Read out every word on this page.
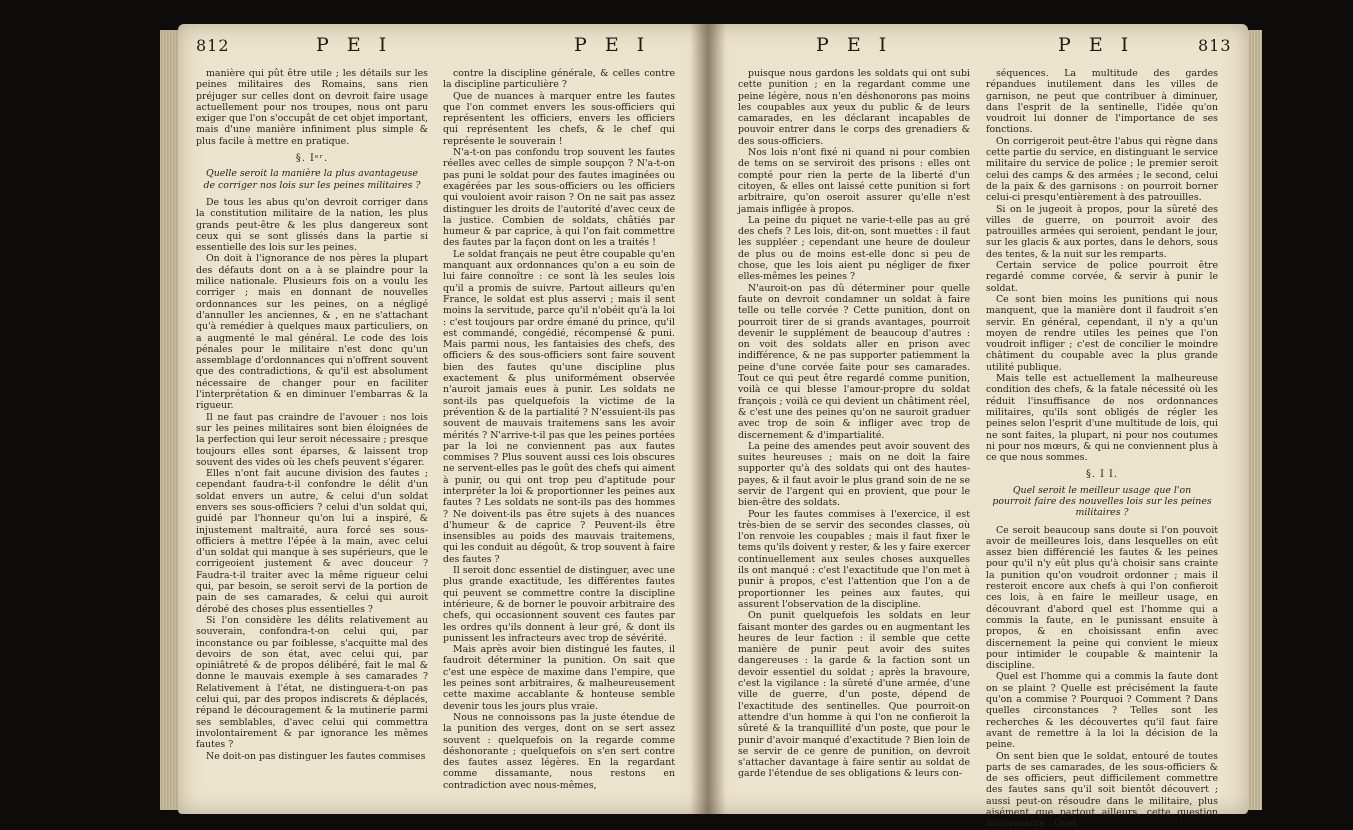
812	P E I	P E I

manière qui pût être utile ; les détails sur les peines militaires des Romains, sans rien préjuger sur celles dont on devroit faire usage actuellement pour nos troupes, nous ont paru exiger que l'on s'occupât de cet objet important, mais d'une manière infiniment plus simple & plus facile à mettre en pratique.

§. Iᵉʳ.

Quelle seroit la manière la plus avantageuse de corriger nos lois sur les peines militaires ?

De tous les abus qu'on devroit corriger dans la constitution militaire de la nation, les plus grands peut-être & les plus dangereux sont ceux qui se sont glissés dans la partie si essentielle des lois sur les peines.

On doit à l'ignorance de nos pères la plupart des défauts dont on a à se plaindre pour la milice nationale. Plusieurs fois on a voulu les corriger ; mais en donnant de nouvelles ordonnances sur les peines, on a négligé d'annuller les anciennes, & , en ne s'attachant qu'à remédier à quelques maux particuliers, on a augmenté le mal général. Le code des lois pénales pour le militaire n'est donc qu'un assemblage d'ordonnances qui n'offrent souvent que des contradictions, & qu'il est absolument nécessaire de changer pour en faciliter l'interprétation & en diminuer l'embarras & la rigueur.

Il ne faut pas craindre de l'avouer : nos lois sur les peines militaires sont bien éloignées de la perfection qui leur seroit nécessaire ; presque toujours elles sont éparses, & laissent trop souvent des vides où les chefs peuvent s'égarer.

Elles n'ont fait aucune division des fautes ; cependant faudra-t-il confondre le délit d'un soldat envers un autre, & celui d'un soldat envers ses sous-officiers ? celui d'un soldat qui, guidé par l'honneur qu'on lui a inspiré, & injustement maltraité, aura forcé ses sous-officiers à mettre l'épée à la main, avec celui d'un soldat qui manque à ses supérieurs, que le corrigeoient justement & avec douceur ? Faudra-t-il traiter avec la même rigueur celui qui, par besoin, se seroit servi de la portion de pain de ses camarades, & celui qui auroit dérobé des choses plus essentielles ?

Si l'on considère les délits relativement au souverain, confondra-t-on celui qui, par inconstance ou par foiblesse, s'acquitte mal des devoirs de son état, avec celui qui, par opiniâtreté & de propos délibéré, fait le mal & donne le mauvais exemple à ses camarades ? Relativement à l'état, ne distinguera-t-on pas celui qui, par des propos indiscrets & déplacés, répand le découragement & la mutinerie parmi ses semblables, d'avec celui qui commettra involontairement & par ignorance les mêmes fautes ?

Ne doit-on pas distinguer les fautes commises

contre la discipline générale, & celles contre la discipline particulière ?

Que de nuances à marquer entre les fautes que l'on commet envers les sous-officiers qui représentent les officiers, envers les officiers qui représentent les chefs, & le chef qui représente le souverain !

N'a-t-on pas confondu trop souvent les fautes réelles avec celles de simple soupçon ? N'a-t-on pas puni le soldat pour des fautes imaginées ou exagérées par les sous-officiers ou les officiers qui vouloient avoir raison ? On ne sait pas assez distinguer les droits de l'autorité d'avec ceux de la justice. Combien de soldats, châtiés par humeur & par caprice, à qui l'on fait commettre des fautes par la façon dont on les a traités !

Le soldat français ne peut être coupable qu'en manquant aux ordonnances qu'on a eu soin de lui faire connoître : ce sont là les seules lois qu'il a promis de suivre. Partout ailleurs qu'en France, le soldat est plus asservi ; mais il sent moins la servitude, parce qu'il n'obéit qu'à la loi : c'est toujours par ordre émané du prince, qu'il est commandé, congédié, récompensé & puni. Mais parmi nous, les fantaisies des chefs, des officiers & des sous-officiers sont faire souvent bien des fautes qu'une discipline plus exactement & plus uniformément observée n'auroit jamais eues à punir. Les soldats ne sont-ils pas quelquefois la victime de la prévention & de la partialité ? N'essuient-ils pas souvent de mauvais traitemens sans les avoir mérités ? N'arrive-t-il pas que les peines portées par la loi ne conviennent pas aux fautes commises ? Plus souvent aussi ces lois obscures ne servent-elles pas le goût des chefs qui aiment à punir, ou qui ont trop peu d'aptitude pour interpréter la loi & proportionner les peines aux fautes ? Les soldats ne sont-ils pas des hommes ? Ne doivent-ils pas être sujets à des nuances d'humeur & de caprice ? Peuvent-ils être insensibles au poids des mauvais traitemens, qui les conduit au dégoût, & trop souvent à faire des fautes ?

Il seroit donc essentiel de distinguer, avec une plus grande exactitude, les différentes fautes qui peuvent se commettre contre la discipline intérieure, & de borner le pouvoir arbitraire des chefs, qui occasionnent souvent ces fautes par les ordres qu'ils donnent à leur gré, & dont ils punissent les infracteurs avec trop de sévérité.

Mais après avoir bien distingué les fautes, il faudroit déterminer la punition. On sait que c'est une espèce de maxime dans l'empire, que les peines sont arbitraires, & malheureusement cette maxime accablante & honteuse semble devenir tous les jours plus vraie.

Nous ne connoissons pas la juste étendue de la punition des verges, dont on se sert assez souvent : quelquefois on la regarde comme déshonorante ; quelquefois on s'en sert contre des fautes assez légères. En la regardant comme dissamante, nous restons en contradiction avec nous-mêmes,

P E I	P E I	813

puisque nous gardons les soldats qui ont subi cette punition ; en la regardant comme une peine légère, nous n'en déshonorons pas moins les coupables aux yeux du public & de leurs camarades, en les déclarant incapables de pouvoir entrer dans le corps des grenadiers & des sous-officiers.

Nos lois n'ont fixé ni quand ni pour combien de tems on se serviroit des prisons : elles ont compté pour rien la perte de la liberté d'un citoyen, & elles ont laissé cette punition si fort arbitraire, qu'on oseroit assurer qu'elle n'est jamais infligée à propos.

La peine du piquet ne varie-t-elle pas au gré des chefs ? Les lois, dit-on, sont muettes : il faut les suppléer ; cependant une heure de douleur de plus ou de moins est-elle donc si peu de chose, que les lois aient pu négliger de fixer elles-mêmes les peines ?

N'auroit-on pas dû déterminer pour quelle faute on devroit condamner un soldat à faire telle ou telle corvée ? Cette punition, dont on pourroit tirer de si grands avantages, pourroit devenir le supplément de beaucoup d'autres : on voit des soldats aller en prison avec indifférence, & ne pas supporter patiemment la peine d'une corvée faite pour ses camarades. Tout ce qui peut être regardé comme punition, voilà ce qui blesse l'amour-propre du soldat françois ; voilà ce qui devient un châtiment réel, & c'est une des peines qu'on ne sauroit graduer avec trop de soin & infliger avec trop de discernement & d'impartialité.

La peine des amendes peut avoir souvent des suites heureuses ; mais on ne doit la faire supporter qu'à des soldats qui ont des hautes-payes, & il faut avoir le plus grand soin de ne se servir de l'argent qui en provient, que pour le bien-être des soldats.

Pour les fautes commises à l'exercice, il est très-bien de se servir des secondes classes, où l'on renvoie les coupables ; mais il faut fixer le tems qu'ils doivent y rester, & les y faire exercer continuellement aux seules choses auxquelles ils ont manqué : c'est l'exactitude que l'on met à punir à propos, c'est l'attention que l'on a de proportionner les peines aux fautes, qui assurent l'observation de la discipline.

On punit quelquefois les soldats en leur faisant monter des gardes ou en augmentant les heures de leur faction : il semble que cette manière de punir peut avoir des suites dangereuses : la garde & la faction sont un devoir essentiel du soldat ; après la bravoure, c'est la vigilance : la sûreté d'une armée, d'une ville de guerre, d'un poste, dépend de l'exactitude des sentinelles. Que pourroit-on attendre d'un homme à qui l'on ne confieroit la sûreté & la tranquillité d'un poste, que pour le punir d'avoir manqué d'exactitude ? Bien loin de se servir de ce genre de punition, on devroit s'attacher davantage à faire sentir au soldat de garde l'étendue de ses obligations & leurs con-

séquences. La multitude des gardes répandues inutilement dans les villes de garnison, ne peut que contribuer à diminuer, dans l'esprit de la sentinelle, l'idée qu'on voudroit lui donner de l'importance de ses fonctions.

On corrigeroit peut-être l'abus qui règne dans cette partie du service, en distinguant le service militaire du service de police ; le premier seroit celui des camps & des armées ; le second, celui de la paix & des garnisons : on pourroit borner celui-ci presqu'entièrement à des patrouilles.

Si on le jugeoit à propos, pour la sûreté des villes de guerre, on pourroit avoir des patrouilles armées qui seroient, pendant le jour, sur les glacis & aux portes, dans le dehors, sous des tentes, & la nuit sur les remparts.

Certain service de police pourroit être regardé comme corvée, & servir à punir le soldat.

Ce sont bien moins les punitions qui nous manquent, que la manière dont il faudroit s'en servir. En général, cependant, il n'y a qu'un moyen de rendre utiles les peines que l'on voudroit infliger ; c'est de concilier le moindre châtiment du coupable avec la plus grande utilité publique.

Mais telle est actuellement la malheureuse condition des chefs, & la fatale nécessité où les réduit l'insuffisance de nos ordonnances militaires, qu'ils sont obligés de régler les peines selon l'esprit d'une multitude de lois, qui ne sont faites, la plupart, ni pour nos coutumes ni pour nos mœurs, & qui ne conviennent plus à ce que nous sommes.

§. I I.

Quel seroit le meilleur usage que l'on pourroit faire des nouvelles lois sur les peines militaires ?

Ce seroit beaucoup sans doute si l'on pouvoit avoir de meilleures lois, dans lesquelles on eût assez bien différencié les fautes & les peines pour qu'il n'y eût plus qu'à choisir sans crainte la punition qu'on voudroit ordonner ; mais il resteroit encore aux chefs à qui l'on confieroit ces lois, à en faire le meilleur usage, en découvrant d'abord quel est l'homme qui a commis la faute, en le punissant ensuite à propos, & en choisissant enfin avec discernement la peine qui convient le mieux pour intimider le coupable & maintenir la discipline.

Quel est l'homme qui a commis la faute dont on se plaint ? Quelle est précisément la faute qu'on a commise ? Pourquoi ? Comment ? Dans quelles circonstances ? Telles sont les recherches & les découvertes qu'il faut faire avant de remettre à la loi la décision de la peine.

On sent bien que le soldat, entouré de toutes parts de ses camarades, de les sous-officiers & de ses officiers, peut difficilement commettre des fautes sans qu'il soit bientôt découvert ; aussi peut-on résoudre dans le militaire, plus aisément que partout ailleurs, cette question intéressante : Quel
